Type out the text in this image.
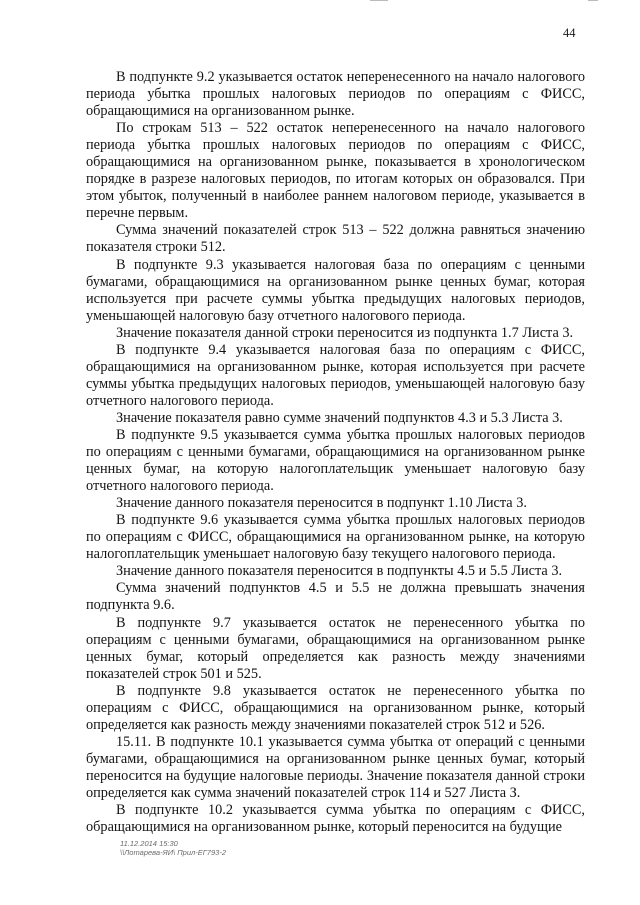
44

В подпункте 9.2 указывается остаток неперенесенного на начало налогового периода убытка прошлых налоговых периодов по операциям с ФИСС, обращающимися на организованном рынке.

По строкам 513 – 522 остаток неперенесенного на начало налогового периода убытка прошлых налоговых периодов по операциям с ФИСС, обращающимися на организованном рынке, показывается в хронологическом порядке в разрезе налоговых периодов, по итогам которых он образовался. При этом убыток, полученный в наиболее раннем налоговом периоде, указывается в перечне первым.

Сумма значений показателей строк 513 – 522 должна равняться значению показателя строки 512.

В подпункте 9.3 указывается налоговая база по операциям с ценными бумагами, обращающимися на организованном рынке ценных бумаг, которая используется при расчете суммы убытка предыдущих налоговых периодов, уменьшающей налоговую базу отчетного налогового периода.

Значение показателя данной строки переносится из подпункта 1.7 Листа 3.

В подпункте 9.4 указывается налоговая база по операциям с ФИСС, обращающимися на организованном рынке, которая используется при расчете суммы убытка предыдущих налоговых периодов, уменьшающей налоговую базу отчетного налогового периода.

Значение показателя равно сумме значений подпунктов 4.3 и 5.3 Листа 3.

В подпункте 9.5 указывается сумма убытка прошлых налоговых периодов по операциям с ценными бумагами, обращающимися на организованном рынке ценных бумаг, на которую налогоплательщик уменьшает налоговую базу отчетного налогового периода.

Значение данного показателя переносится в подпункт 1.10 Листа 3.

В подпункте 9.6 указывается сумма убытка прошлых налоговых периодов по операциям с ФИСС, обращающимися на организованном рынке, на которую налогоплательщик уменьшает налоговую базу текущего налогового периода.

Значение данного показателя переносится в подпункты 4.5 и 5.5 Листа 3.

Сумма значений подпунктов 4.5 и 5.5 не должна превышать значения подпункта 9.6.

В подпункте 9.7 указывается остаток не перенесенного убытка по операциям с ценными бумагами, обращающимися на организованном рынке ценных бумаг, который определяется как разность между значениями показателей строк 501 и 525.

В подпункте 9.8 указывается остаток не перенесенного убытка по операциям с ФИСС, обращающимися на организованном рынке, который определяется как разность между значениями показателей строк 512 и 526.

15.11. В подпункте 10.1 указывается сумма убытка от операций с ценными бумагами, обращающимися на организованном рынке ценных бумаг, который переносится на будущие налоговые периоды. Значение показателя данной строки определяется как сумма значений показателей строк 114 и 527 Листа З.

В подпункте 10.2 указывается сумма убытка по операциям с ФИСС, обращающимися на организованном рынке, который переносится на будущие

11.12.2014 15:30
\\Лотарева-ЯИ\ Прил-ЕГ793-2
